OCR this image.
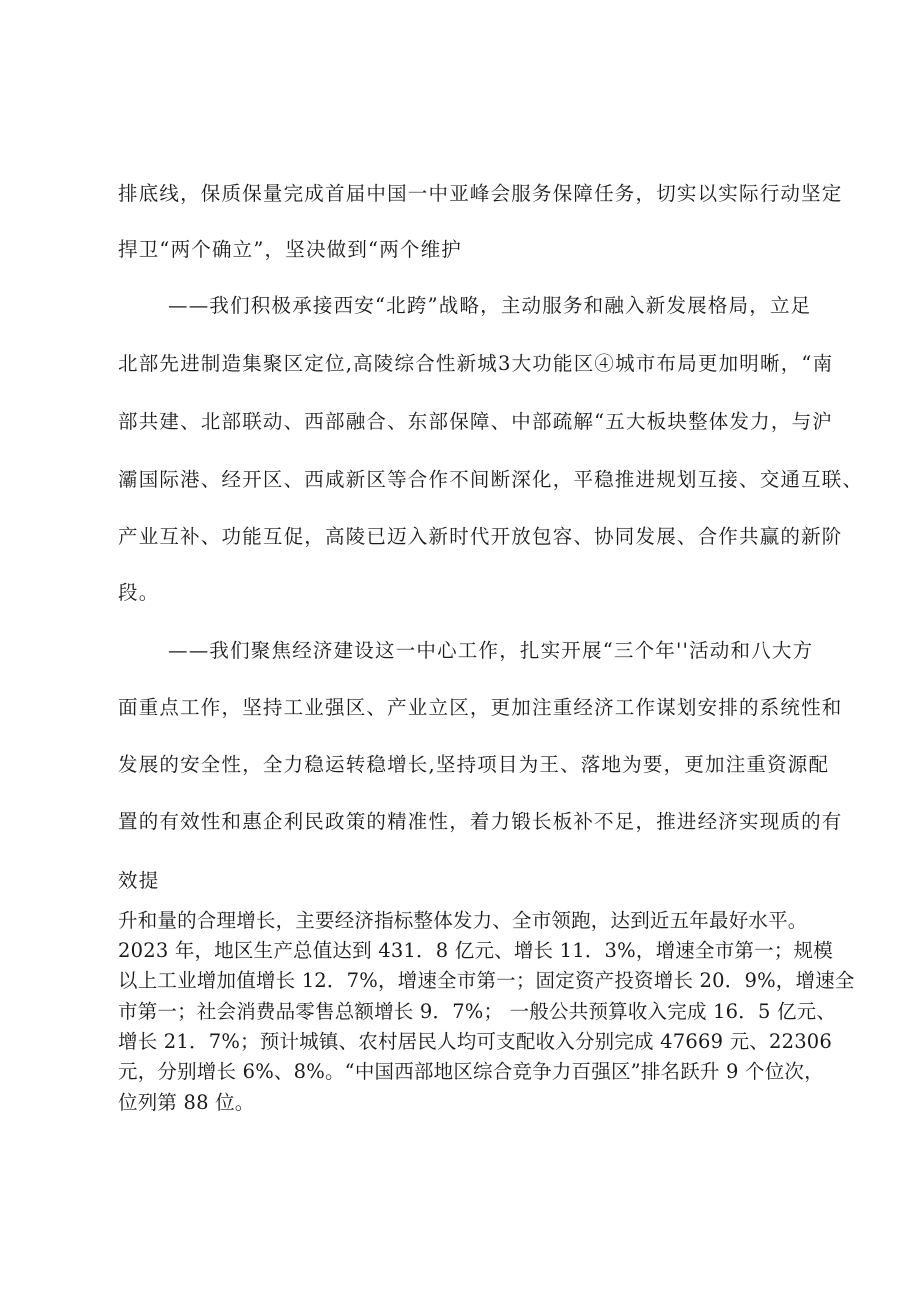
排底线，保质保量完成首届中国一中亚峰会服务保障任务，切实以实际行动坚定
捍卫“两个确立”，坚决做到“两个维护
——我们积极承接西安“北跨”战略，主动服务和融入新发展格局，立足
北部先进制造集聚区定位,高陵综合性新城3大功能区④城市布局更加明晰，“南
部共建、北部联动、西部融合、东部保障、中部疏解“五大板块整体发力，与沪
灞国际港、经开区、西咸新区等合作不间断深化，平稳推进规划互接、交通互联、
产业互补、功能互促，高陵已迈入新时代开放包容、协同发展、合作共赢的新阶
段。
——我们聚焦经济建设这一中心工作，扎实开展“三个年''活动和八大方
面重点工作，坚持工业强区、产业立区，更加注重经济工作谋划安排的系统性和
发展的安全性，全力稳运转稳增长,坚持项目为王、落地为要，更加注重资源配
置的有效性和惠企利民政策的精准性，着力锻长板补不足，推进经济实现质的有
效提
升和量的合理增长，主要经济指标整体发力、全市领跑，达到近五年最好水平。
2023 年，地区生产总值达到 431．8 亿元、增长 11．3%，增速全市第一；规模
以上工业增加值增长 12．7%，增速全市第一；固定资产投资增长 20．9%，增速全
市第一；社会消费品零售总额增长 9．7%； 一般公共预算收入完成 16．5 亿元、
增长 21．7%；预计城镇、农村居民人均可支配收入分别完成 47669 元、22306
元，分别增长 6%、8%。“中国西部地区综合竞争力百强区”排名跃升 9 个位次，
位列第 88 位。
